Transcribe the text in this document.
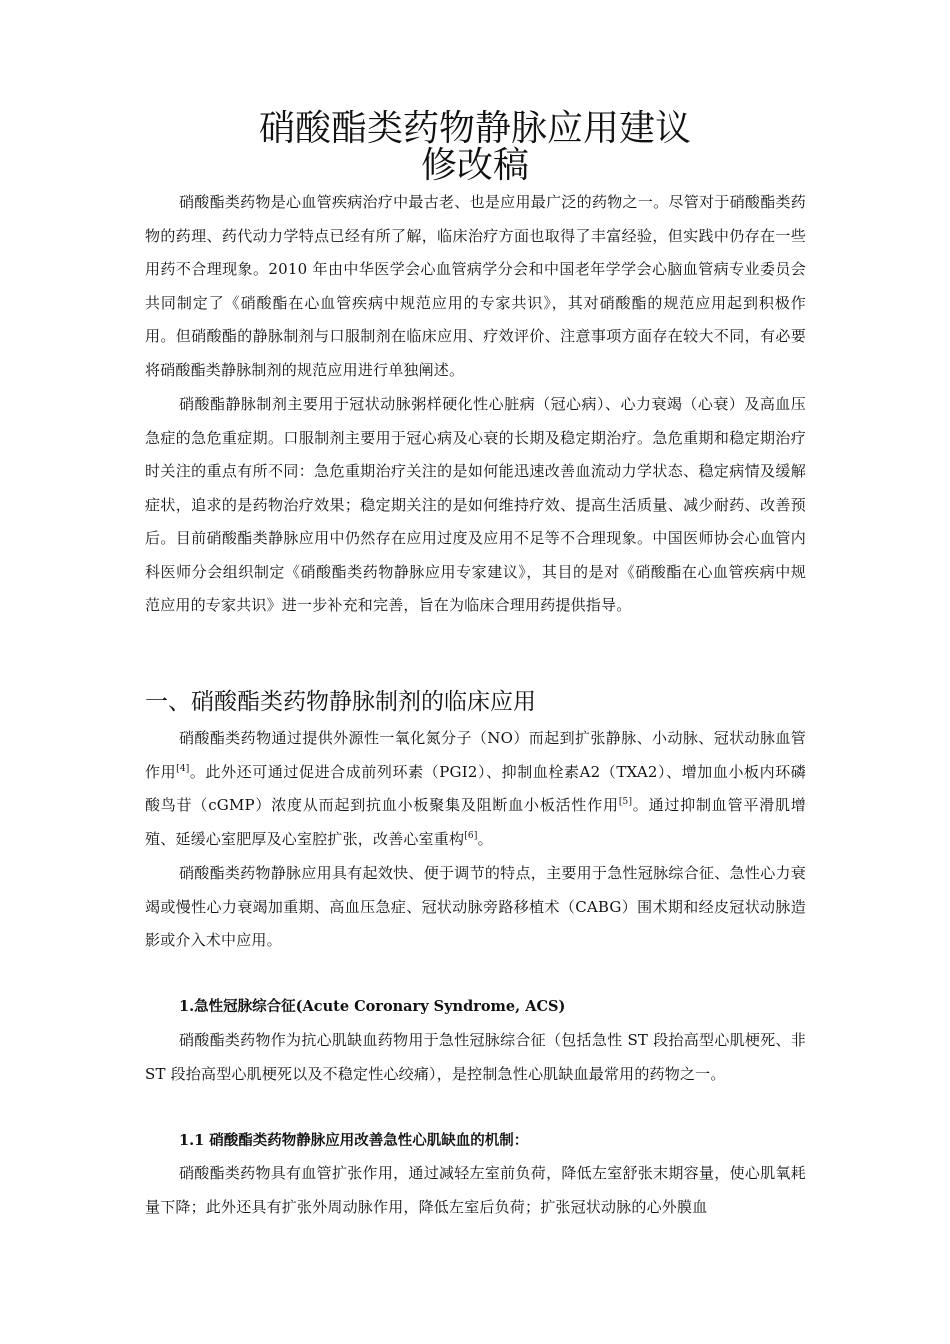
硝酸酯类药物静脉应用建议
修改稿

硝酸酯类药物是心血管疾病治疗中最古老、也是应用最广泛的药物之一。尽管对于硝酸酯类药物的药理、药代动力学特点已经有所了解，临床治疗方面也取得了丰富经验，但实践中仍存在一些用药不合理现象。2010 年由中华医学会心血管病学分会和中国老年学学会心脑血管病专业委员会共同制定了《硝酸酯在心血管疾病中规范应用的专家共识》，其对硝酸酯的规范应用起到积极作用。但硝酸酯的静脉制剂与口服制剂在临床应用、疗效评价、注意事项方面存在较大不同，有必要将硝酸酯类静脉制剂的规范应用进行单独阐述。

硝酸酯静脉制剂主要用于冠状动脉粥样硬化性心脏病（冠心病）、心力衰竭（心衰）及高血压急症的急危重症期。口服制剂主要用于冠心病及心衰的长期及稳定期治疗。急危重期和稳定期治疗时关注的重点有所不同：急危重期治疗关注的是如何能迅速改善血流动力学状态、稳定病情及缓解症状，追求的是药物治疗效果；稳定期关注的是如何维持疗效、提高生活质量、减少耐药、改善预后。目前硝酸酯类静脉应用中仍然存在应用过度及应用不足等不合理现象。中国医师协会心血管内科医师分会组织制定《硝酸酯类药物静脉应用专家建议》，其目的是对《硝酸酯在心血管疾病中规范应用的专家共识》进一步补充和完善，旨在为临床合理用药提供指导。

一、硝酸酯类药物静脉制剂的临床应用

硝酸酯类药物通过提供外源性一氧化氮分子（NO）而起到扩张静脉、小动脉、冠状动脉血管作用[4]。此外还可通过促进合成前列环素（PGI2）、抑制血栓素A2（TXA2）、增加血小板内环磷酸鸟苷（cGMP）浓度从而起到抗血小板聚集及阻断血小板活性作用[5]。通过抑制血管平滑肌增殖、延缓心室肥厚及心室腔扩张，改善心室重构[6]。

硝酸酯类药物静脉应用具有起效快、便于调节的特点，主要用于急性冠脉综合征、急性心力衰竭或慢性心力衰竭加重期、高血压急症、冠状动脉旁路移植术（CABG）围术期和经皮冠状动脉造影或介入术中应用。

1.急性冠脉综合征(Acute Coronary Syndrome, ACS)

硝酸酯类药物作为抗心肌缺血药物用于急性冠脉综合征（包括急性 ST 段抬高型心肌梗死、非 ST 段抬高型心肌梗死以及不稳定性心绞痛），是控制急性心肌缺血最常用的药物之一。

1.1 硝酸酯类药物静脉应用改善急性心肌缺血的机制：

硝酸酯类药物具有血管扩张作用，通过减轻左室前负荷，降低左室舒张末期容量，使心肌氧耗量下降；此外还具有扩张外周动脉作用，降低左室后负荷；扩张冠状动脉的心外膜血
